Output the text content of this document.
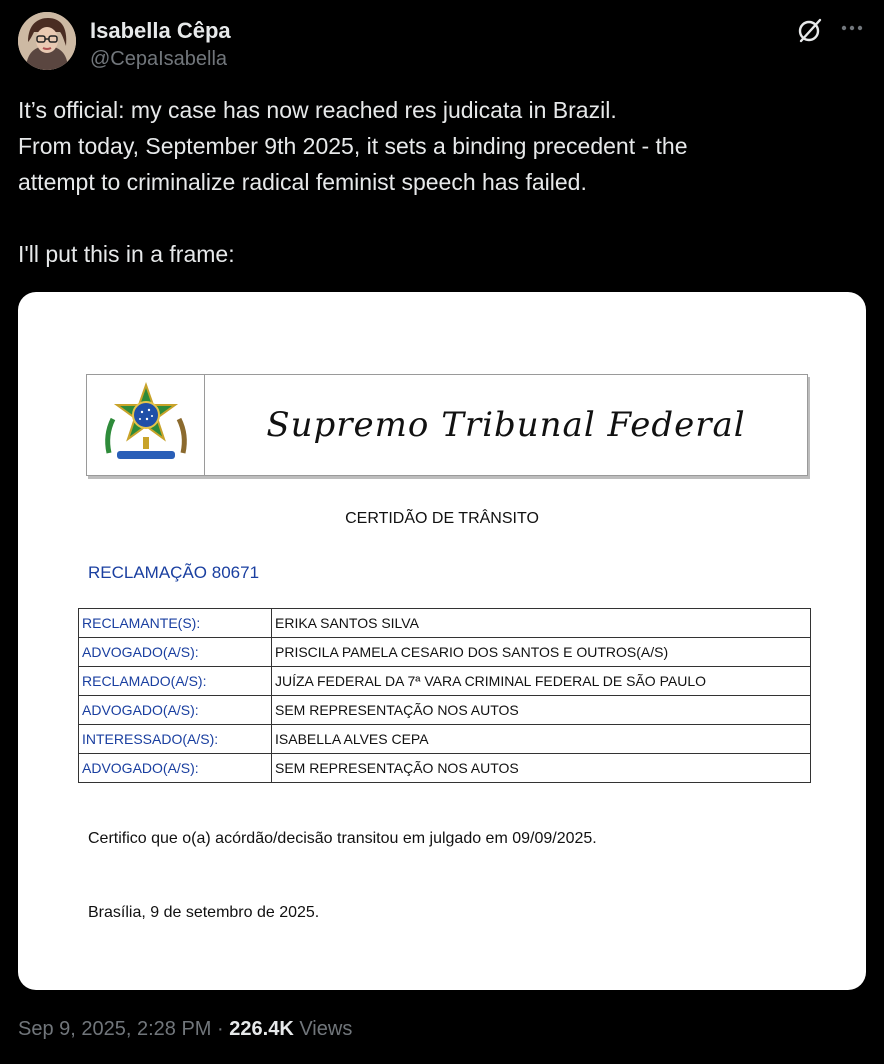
Isabella Cêpa
@CepaIsabella

It’s official: my case has now reached res judicata in Brazil.

From today, September 9th 2025, it sets a binding precedent - the

attempt to criminalize radical feminist speech has failed.

I'll put this in a frame:

Supremo Tribunal Federal
CERTIDÃO DE TRÂNSITO
RECLAMAÇÃO 80671
RECLAMANTE(S):	ERIKA SANTOS SILVA
ADVOGADO(A/S):	PRISCILA PAMELA CESARIO DOS SANTOS E OUTROS(A/S)
RECLAMADO(A/S):	JUÍZA FEDERAL DA 7ª VARA CRIMINAL FEDERAL DE SÃO PAULO
ADVOGADO(A/S):	SEM REPRESENTAÇÃO NOS AUTOS
INTERESSADO(A/S):	ISABELLA ALVES CEPA
ADVOGADO(A/S):	SEM REPRESENTAÇÃO NOS AUTOS
Certifico que o(a) acórdão/decisão transitou em julgado em 09/09/2025.
Brasília, 9 de setembro de 2025.
Sep 9, 2025, 2:28 PM · 226.4K Views
